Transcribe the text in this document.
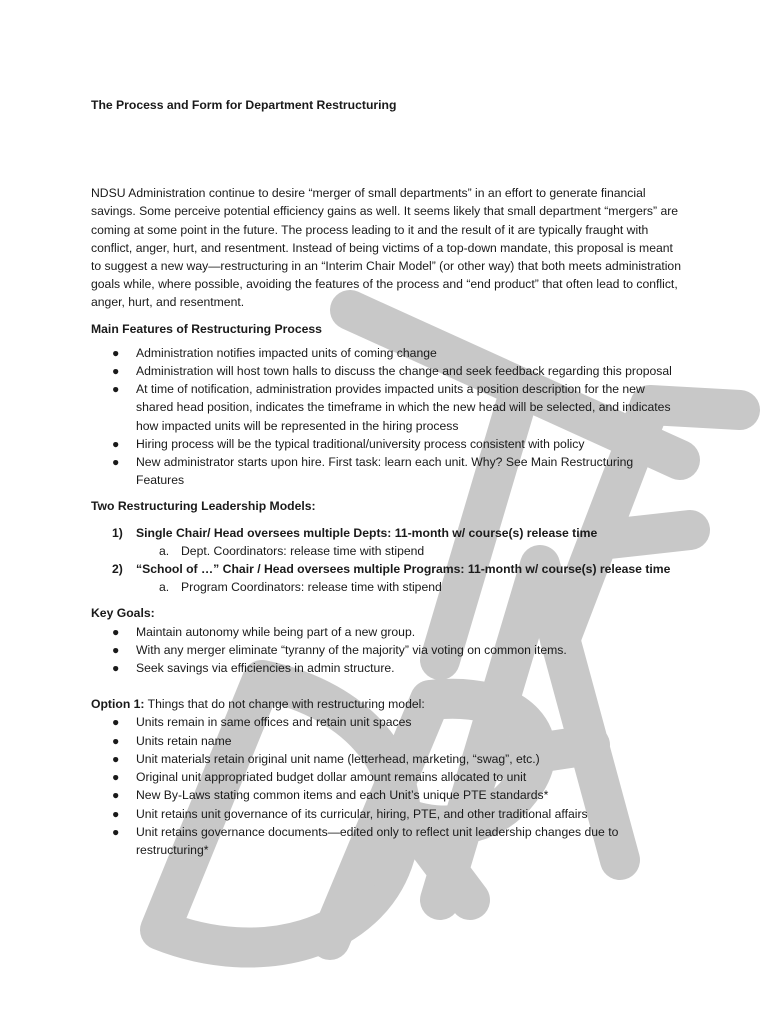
The Process and Form for Department Restructuring

NDSU Administration continue to desire “merger of small departments” in an effort to generate financial savings. Some perceive potential efficiency gains as well. It seems likely that small department “mergers” are coming at some point in the future. The process leading to it and the result of it are typically fraught with conflict, anger, hurt, and resentment. Instead of being victims of a top-down mandate, this proposal is meant to suggest a new way—restructuring in an “Interim Chair Model” (or other way) that both meets administration goals while, where possible, avoiding the features of the process and “end product” that often lead to conflict, anger, hurt, and resentment.

Main Features of Restructuring Process

● Administration notifies impacted units of coming change
● Administration will host town halls to discuss the change and seek feedback regarding this proposal
● At time of notification, administration provides impacted units a position description for the new shared head position, indicates the timeframe in which the new head will be selected, and indicates how impacted units will be represented in the hiring process
● Hiring process will be the typical traditional/university process consistent with policy
● New administrator starts upon hire. First task: learn each unit. Why? See Main Restructuring Features

Two Restructuring Leadership Models:

1) Single Chair/ Head oversees multiple Depts: 11-month w/ course(s) release time
a. Dept. Coordinators: release time with stipend
2) “School of …” Chair / Head oversees multiple Programs: 11-month w/ course(s) release time
a. Program Coordinators: release time with stipend

Key Goals:

● Maintain autonomy while being part of a new group.
● With any merger eliminate “tyranny of the majority” via voting on common items.
● Seek savings via efficiencies in admin structure.

Option 1: Things that do not change with restructuring model:

● Units remain in same offices and retain unit spaces
● Units retain name
● Unit materials retain original unit name (letterhead, marketing, “swag”, etc.)
● Original unit appropriated budget dollar amount remains allocated to unit
● New By-Laws stating common items and each Unit’s unique PTE standards*
● Unit retains unit governance of its curricular, hiring, PTE, and other traditional affairs
● Unit retains governance documents—edited only to reflect unit leadership changes due to restructuring*
